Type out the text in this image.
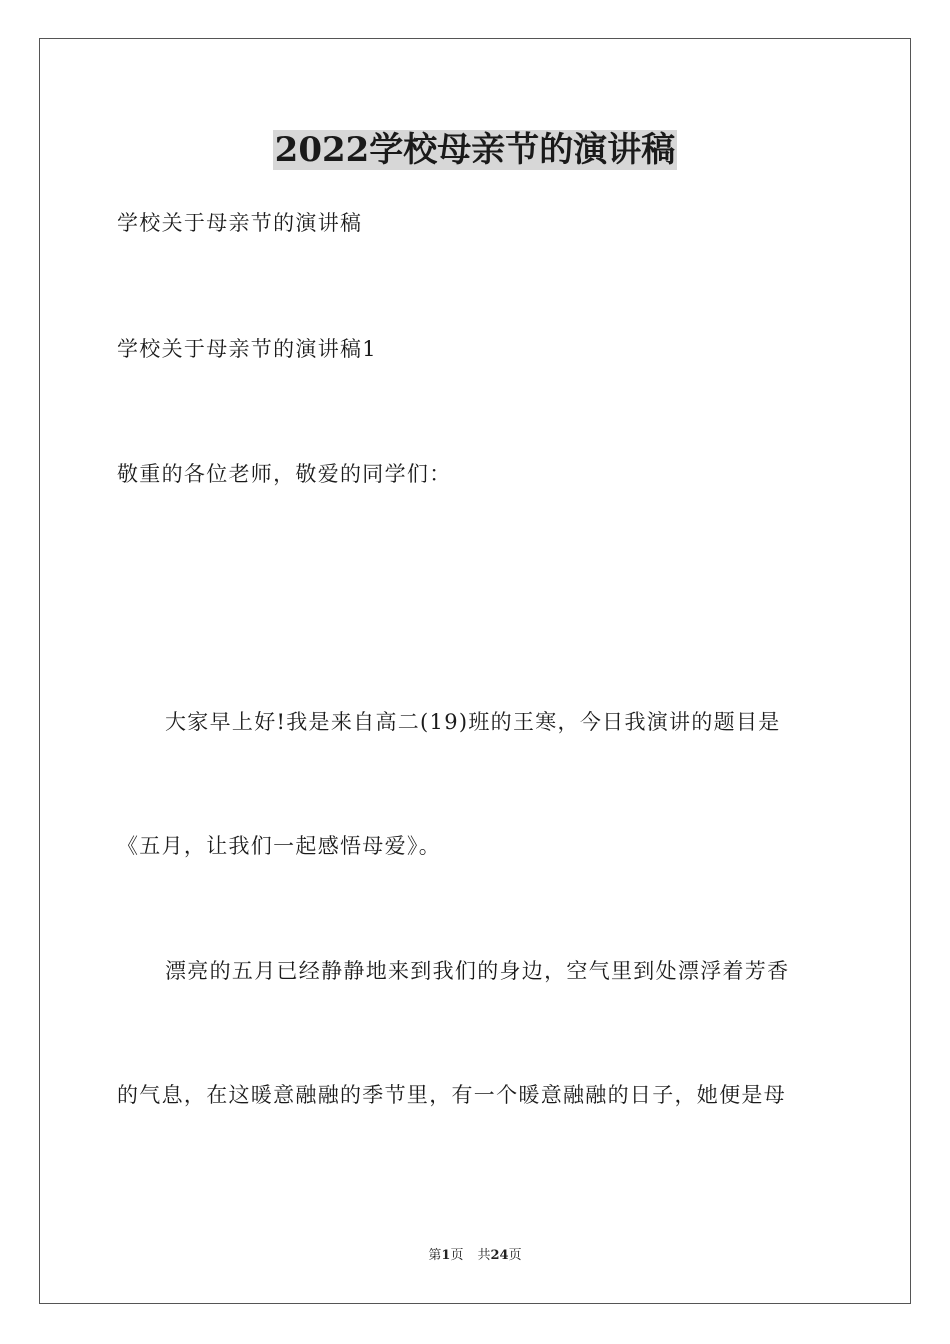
2022学校母亲节的演讲稿
学校关于母亲节的演讲稿
学校关于母亲节的演讲稿1
敬重的各位老师，敬爱的同学们：
大家早上好!我是来自高二(19)班的王寒，今日我演讲的题目是
《五月，让我们一起感悟母爱》。
漂亮的五月已经静静地来到我们的身边，空气里到处漂浮着芳香
的气息，在这暖意融融的季节里，有一个暖意融融的日子，她便是母
第1页 共24页
